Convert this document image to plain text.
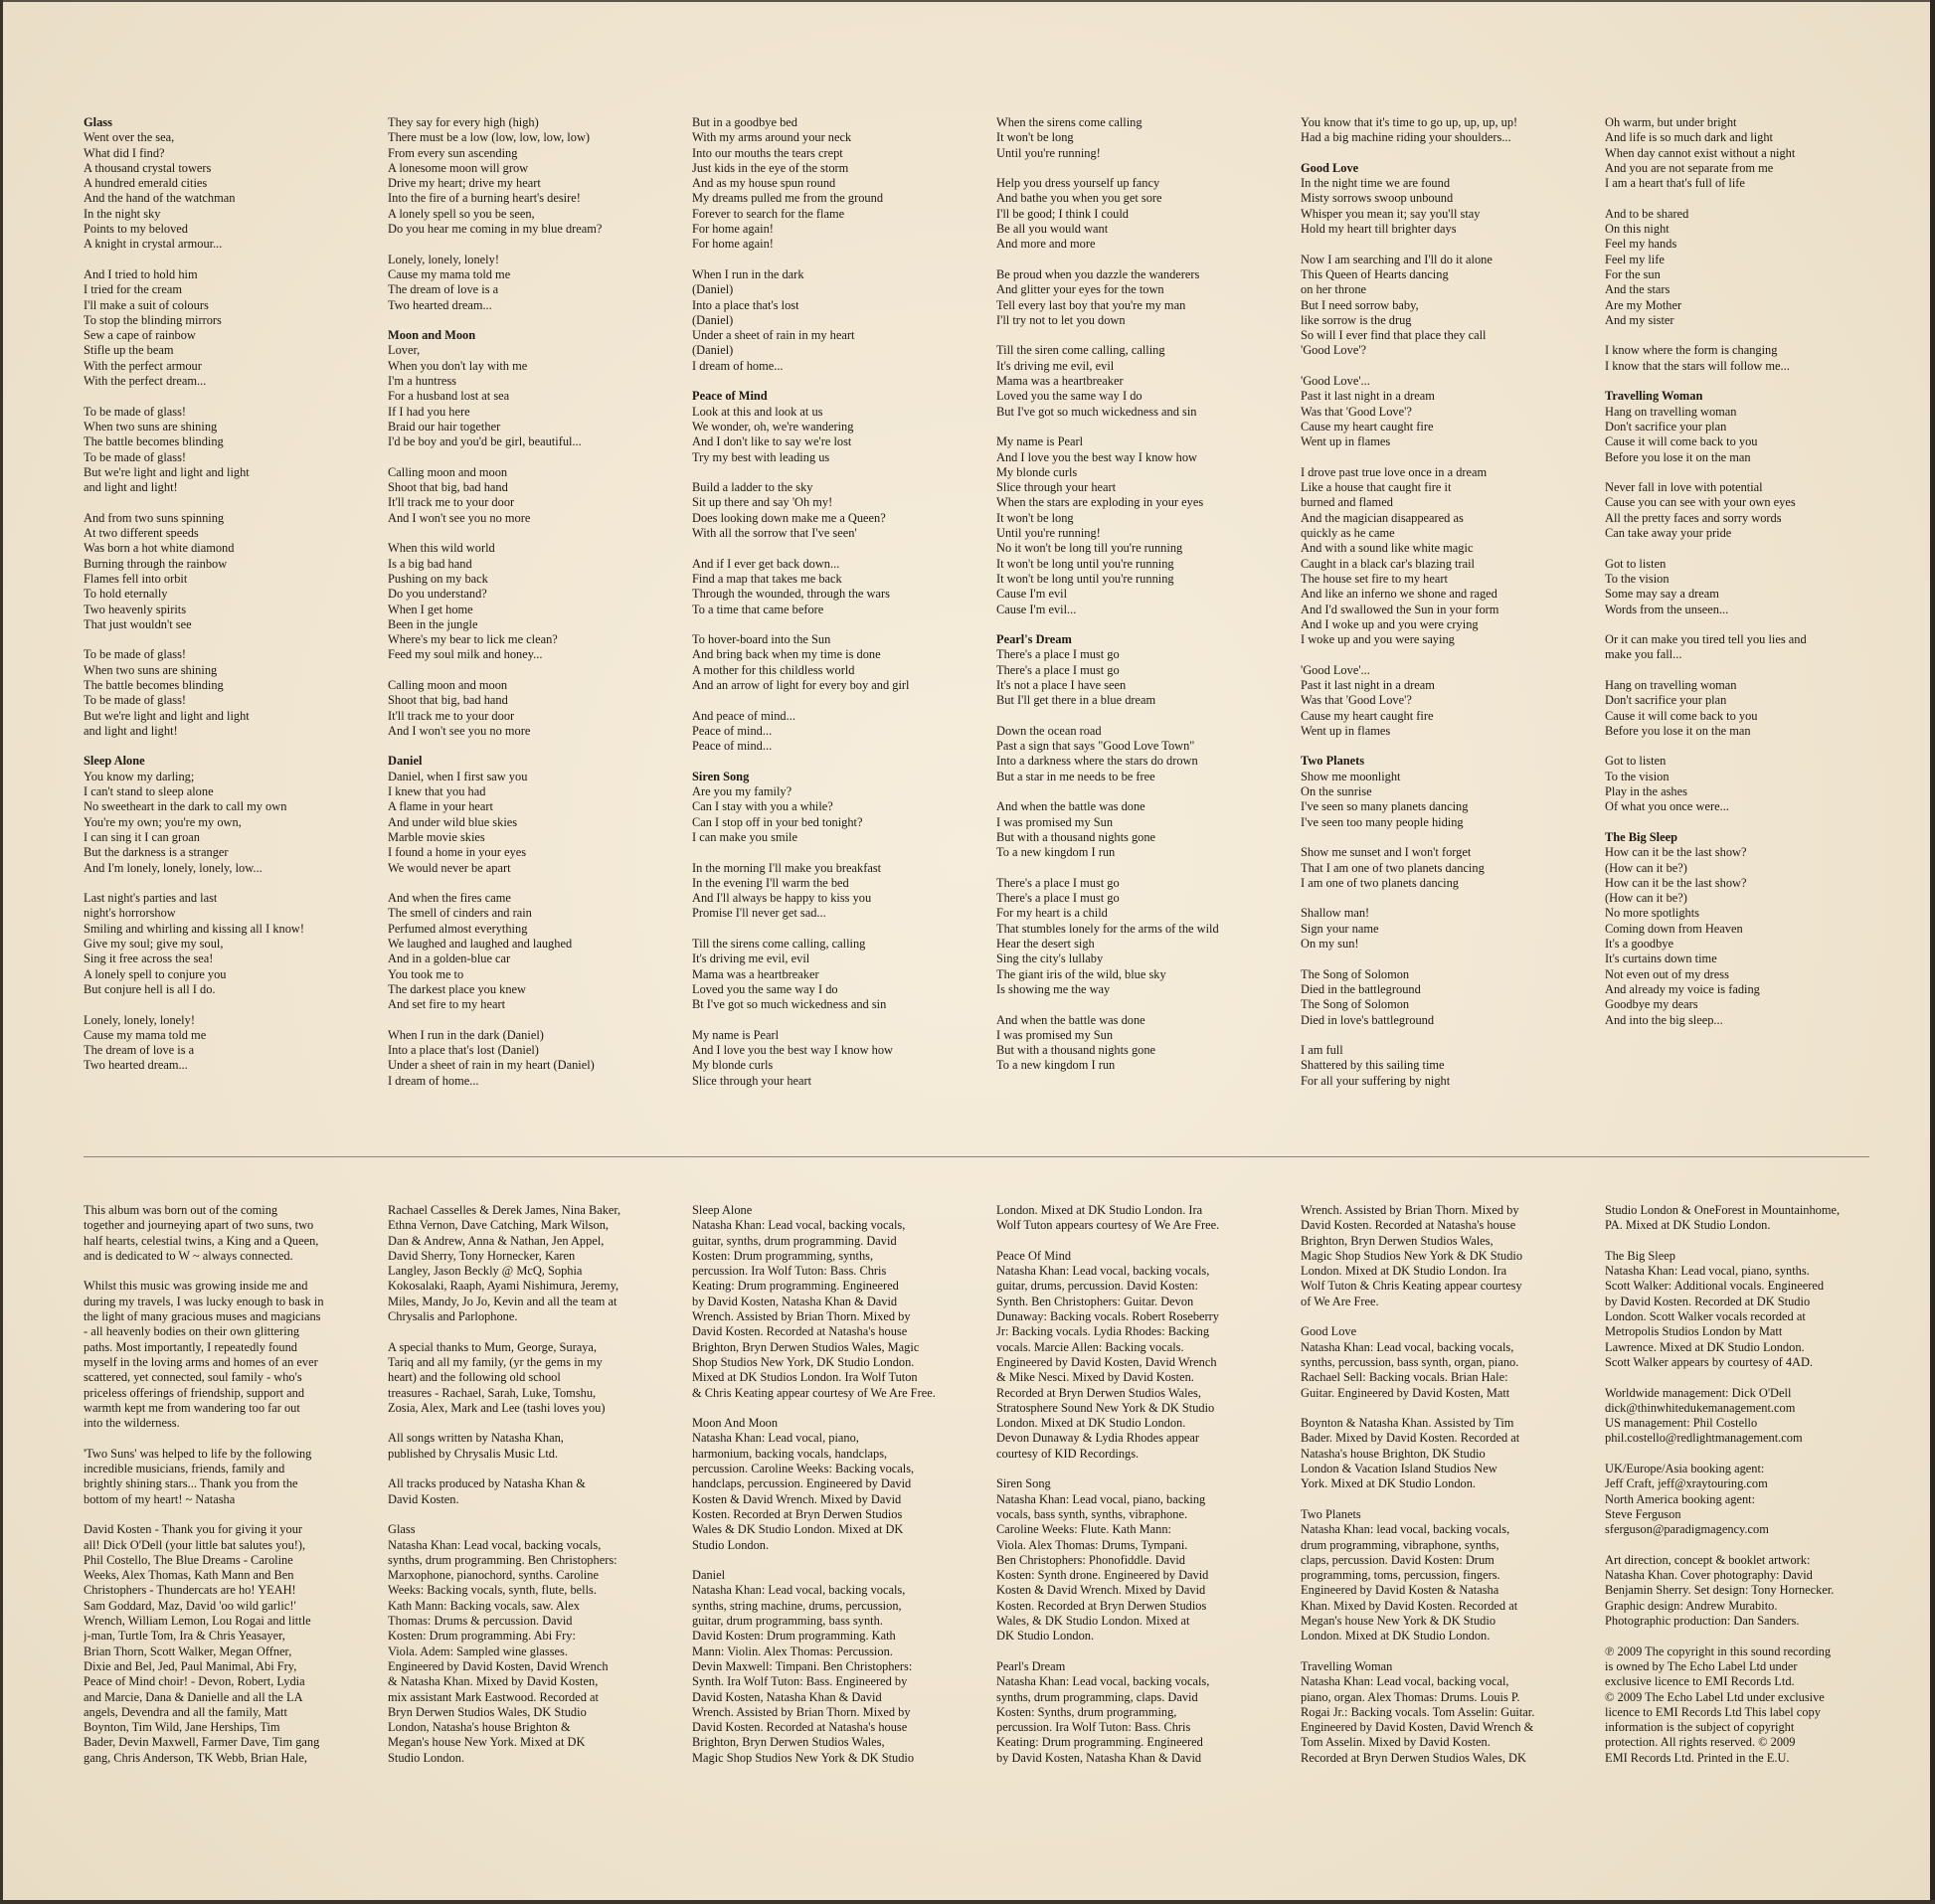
Glass
Went over the sea,
What did I find?
A thousand crystal towers
A hundred emerald cities
And the hand of the watchman
In the night sky
Points to my beloved
A knight in crystal armour...
And I tried to hold him
I tried for the cream
I'll make a suit of colours
To stop the blinding mirrors
Sew a cape of rainbow
Stifle up the beam
With the perfect armour
With the perfect dream...
To be made of glass!
When two suns are shining
The battle becomes blinding
To be made of glass!
But we're light and light and light
and light and light!
And from two suns spinning
At two different speeds
Was born a hot white diamond
Burning through the rainbow
Flames fell into orbit
To hold eternally
Two heavenly spirits
That just wouldn't see
To be made of glass!
When two suns are shining
The battle becomes blinding
To be made of glass!
But we're light and light and light
and light and light!
Sleep Alone
You know my darling;
I can't stand to sleep alone
No sweetheart in the dark to call my own
You're my own; you're my own,
I can sing it I can groan
But the darkness is a stranger
And I'm lonely, lonely, lonely, low...
Last night's parties and last
night's horrorshow
Smiling and whirling and kissing all I know!
Give my soul; give my soul,
Sing it free across the sea!
A lonely spell to conjure you
But conjure hell is all I do.
Lonely, lonely, lonely!
Cause my mama told me
The dream of love is a
Two hearted dream...
They say for every high (high)
There must be a low (low, low, low, low)
From every sun ascending
A lonesome moon will grow
Drive my heart; drive my heart
Into the fire of a burning heart's desire!
A lonely spell so you be seen,
Do you hear me coming in my blue dream?
Lonely, lonely, lonely!
Cause my mama told me
The dream of love is a
Two hearted dream...
Moon and Moon
Lover,
When you don't lay with me
I'm a huntress
For a husband lost at sea
If I had you here
Braid our hair together
I'd be boy and you'd be girl, beautiful...
Calling moon and moon
Shoot that big, bad hand
It'll track me to your door
And I won't see you no more
When this wild world
Is a big bad hand
Pushing on my back
Do you understand?
When I get home
Been in the jungle
Where's my bear to lick me clean?
Feed my soul milk and honey...
Calling moon and moon
Shoot that big, bad hand
It'll track me to your door
And I won't see you no more
Daniel
Daniel, when I first saw you
I knew that you had
A flame in your heart
And under wild blue skies
Marble movie skies
I found a home in your eyes
We would never be apart
And when the fires came
The smell of cinders and rain
Perfumed almost everything
We laughed and laughed and laughed
And in a golden-blue car
You took me to
The darkest place you knew
And set fire to my heart
When I run in the dark (Daniel)
Into a place that's lost (Daniel)
Under a sheet of rain in my heart (Daniel)
I dream of home...
But in a goodbye bed
With my arms around your neck
Into our mouths the tears crept
Just kids in the eye of the storm
And as my house spun round
My dreams pulled me from the ground
Forever to search for the flame
For home again!
For home again!
When I run in the dark
(Daniel)
Into a place that's lost
(Daniel)
Under a sheet of rain in my heart
(Daniel)
I dream of home...
Peace of Mind
Look at this and look at us
We wonder, oh, we're wandering
And I don't like to say we're lost
Try my best with leading us
Build a ladder to the sky
Sit up there and say 'Oh my!
Does looking down make me a Queen?
With all the sorrow that I've seen'
And if I ever get back down...
Find a map that takes me back
Through the wounded, through the wars
To a time that came before
To hover-board into the Sun
And bring back when my time is done
A mother for this childless world
And an arrow of light for every boy and girl
And peace of mind...
Peace of mind...
Peace of mind...
Siren Song
Are you my family?
Can I stay with you a while?
Can I stop off in your bed tonight?
I can make you smile
In the morning I'll make you breakfast
In the evening I'll warm the bed
And I'll always be happy to kiss you
Promise I'll never get sad...
Till the sirens come calling, calling
It's driving me evil, evil
Mama was a heartbreaker
Loved you the same way I do
Bt I've got so much wickedness and sin
My name is Pearl
And I love you the best way I know how
My blonde curls
Slice through your heart
When the sirens come calling
It won't be long
Until you're running!
Help you dress yourself up fancy
And bathe you when you get sore
I'll be good; I think I could
Be all you would want
And more and more
Be proud when you dazzle the wanderers
And glitter your eyes for the town
Tell every last boy that you're my man
I'll try not to let you down
Till the siren come calling, calling
It's driving me evil, evil
Mama was a heartbreaker
Loved you the same way I do
But I've got so much wickedness and sin
My name is Pearl
And I love you the best way I know how
My blonde curls
Slice through your heart
When the stars are exploding in your eyes
It won't be long
Until you're running!
No it won't be long till you're running
It won't be long until you're running
It won't be long until you're running
Cause I'm evil
Cause I'm evil...
Pearl's Dream
There's a place I must go
There's a place I must go
It's not a place I have seen
But I'll get there in a blue dream
Down the ocean road
Past a sign that says "Good Love Town"
Into a darkness where the stars do drown
But a star in me needs to be free
And when the battle was done
I was promised my Sun
But with a thousand nights gone
To a new kingdom I run
There's a place I must go
There's a place I must go
For my heart is a child
That stumbles lonely for the arms of the wild
Hear the desert sigh
Sing the city's lullaby
The giant iris of the wild, blue sky
Is showing me the way
And when the battle was done
I was promised my Sun
But with a thousand nights gone
To a new kingdom I run
You know that it's time to go up, up, up, up!
Had a big machine riding your shoulders...
Good Love
In the night time we are found
Misty sorrows swoop unbound
Whisper you mean it; say you'll stay
Hold my heart till brighter days
Now I am searching and I'll do it alone
This Queen of Hearts dancing
on her throne
But I need sorrow baby,
like sorrow is the drug
So will I ever find that place they call
'Good Love'?
'Good Love'...
Past it last night in a dream
Was that 'Good Love'?
Cause my heart caught fire
Went up in flames
I drove past true love once in a dream
Like a house that caught fire it
burned and flamed
And the magician disappeared as
quickly as he came
And with a sound like white magic
Caught in a black car's blazing trail
The house set fire to my heart
And like an inferno we shone and raged
And I'd swallowed the Sun in your form
And I woke up and you were crying
I woke up and you were saying
'Good Love'...
Past it last night in a dream
Was that 'Good Love'?
Cause my heart caught fire
Went up in flames
Two Planets
Show me moonlight
On the sunrise
I've seen so many planets dancing
I've seen too many people hiding
Show me sunset and I won't forget
That I am one of two planets dancing
I am one of two planets dancing
Shallow man!
Sign your name
On my sun!
The Song of Solomon
Died in the battleground
The Song of Solomon
Died in love's battleground
I am full
Shattered by this sailing time
For all your suffering by night
Oh warm, but under bright
And life is so much dark and light
When day cannot exist without a night
And you are not separate from me
I am a heart that's full of life
And to be shared
On this night
Feel my hands
Feel my life
For the sun
And the stars
Are my Mother
And my sister
I know where the form is changing
I know that the stars will follow me...
Travelling Woman
Hang on travelling woman
Don't sacrifice your plan
Cause it will come back to you
Before you lose it on the man
Never fall in love with potential
Cause you can see with your own eyes
All the pretty faces and sorry words
Can take away your pride
Got to listen
To the vision
Some may say a dream
Words from the unseen...
Or it can make you tired tell you lies and
make you fall...
Hang on travelling woman
Don't sacrifice your plan
Cause it will come back to you
Before you lose it on the man
Got to listen
To the vision
Play in the ashes
Of what you once were...
The Big Sleep
How can it be the last show?
(How can it be?)
How can it be the last show?
(How can it be?)
No more spotlights
Coming down from Heaven
It's a goodbye
It's curtains down time
Not even out of my dress
And already my voice is fading
Goodbye my dears
And into the big sleep...
This album was born out of the coming
together and journeying apart of two suns, two
half hearts, celestial twins, a King and a Queen,
and is dedicated to W ~ always connected.
Whilst this music was growing inside me and
during my travels, I was lucky enough to bask in
the light of many gracious muses and magicians
- all heavenly bodies on their own glittering
paths. Most importantly, I repeatedly found
myself in the loving arms and homes of an ever
scattered, yet connected, soul family - who's
priceless offerings of friendship, support and
warmth kept me from wandering too far out
into the wilderness.
'Two Suns' was helped to life by the following
incredible musicians, friends, family and
brightly shining stars... Thank you from the
bottom of my heart! ~ Natasha
David Kosten - Thank you for giving it your
all! Dick O'Dell (your little bat salutes you!),
Phil Costello, The Blue Dreams - Caroline
Weeks, Alex Thomas, Kath Mann and Ben
Christophers - Thundercats are ho! YEAH!
Sam Goddard, Maz, David 'oo wild garlic!'
Wrench, William Lemon, Lou Rogai and little
j-man, Turtle Tom, Ira & Chris Yeasayer,
Brian Thorn, Scott Walker, Megan Offner,
Dixie and Bel, Jed, Paul Manimal, Abi Fry,
Peace of Mind choir! - Devon, Robert, Lydia
and Marcie, Dana & Danielle and all the LA
angels, Devendra and all the family, Matt
Boynton, Tim Wild, Jane Herships, Tim
Bader, Devin Maxwell, Farmer Dave, Tim gang
gang, Chris Anderson, TK Webb, Brian Hale,
Rachael Casselles & Derek James, Nina Baker,
Ethna Vernon, Dave Catching, Mark Wilson,
Dan & Andrew, Anna & Nathan, Jen Appel,
David Sherry, Tony Hornecker, Karen
Langley, Jason Beckly @ McQ, Sophia
Kokosalaki, Raaph, Ayami Nishimura, Jeremy,
Miles, Mandy, Jo Jo, Kevin and all the team at
Chrysalis and Parlophone.
A special thanks to Mum, George, Suraya,
Tariq and all my family, (yr the gems in my
heart) and the following old school
treasures - Rachael, Sarah, Luke, Tomshu,
Zosia, Alex, Mark and Lee (tashi loves you)
All songs written by Natasha Khan,
published by Chrysalis Music Ltd.
All tracks produced by Natasha Khan &
David Kosten.
Glass
Natasha Khan: Lead vocal, backing vocals,
synths, drum programming. Ben Christophers:
Marxophone, pianochord, synths. Caroline
Weeks: Backing vocals, synth, flute, bells.
Kath Mann: Backing vocals, saw. Alex
Thomas: Drums & percussion. David
Kosten: Drum programming. Abi Fry:
Viola. Adem: Sampled wine glasses.
Engineered by David Kosten, David Wrench
& Natasha Khan. Mixed by David Kosten,
mix assistant Mark Eastwood. Recorded at
Bryn Derwen Studios Wales, DK Studio
London, Natasha's house Brighton &
Megan's house New York. Mixed at DK
Studio London.
Sleep Alone
Natasha Khan: Lead vocal, backing vocals,
guitar, synths, drum programming. David
Kosten: Drum programming, synths,
percussion. Ira Wolf Tuton: Bass. Chris
Keating: Drum programming. Engineered
by David Kosten, Natasha Khan & David
Wrench. Assisted by Brian Thorn. Mixed by
David Kosten. Recorded at Natasha's house
Brighton, Bryn Derwen Studios Wales, Magic
Shop Studios New York, DK Studio London.
Mixed at DK Studios London. Ira Wolf Tuton
& Chris Keating appear courtesy of We Are Free.
Moon And Moon
Natasha Khan: Lead vocal, piano,
harmonium, backing vocals, handclaps,
percussion. Caroline Weeks: Backing vocals,
handclaps, percussion. Engineered by David
Kosten & David Wrench. Mixed by David
Kosten. Recorded at Bryn Derwen Studios
Wales & DK Studio London. Mixed at DK
Studio London.
Daniel
Natasha Khan: Lead vocal, backing vocals,
synths, string machine, drums, percussion,
guitar, drum programming, bass synth.
David Kosten: Drum programming. Kath
Mann: Violin. Alex Thomas: Percussion.
Devin Maxwell: Timpani. Ben Christophers:
Synth. Ira Wolf Tuton: Bass. Engineered by
David Kosten, Natasha Khan & David
Wrench. Assisted by Brian Thorn. Mixed by
David Kosten. Recorded at Natasha's house
Brighton, Bryn Derwen Studios Wales,
Magic Shop Studios New York & DK Studio
London. Mixed at DK Studio London. Ira
Wolf Tuton appears courtesy of We Are Free.
Peace Of Mind
Natasha Khan: Lead vocal, backing vocals,
guitar, drums, percussion. David Kosten:
Synth. Ben Christophers: Guitar. Devon
Dunaway: Backing vocals. Robert Roseberry
Jr: Backing vocals. Lydia Rhodes: Backing
vocals. Marcie Allen: Backing vocals.
Engineered by David Kosten, David Wrench
& Mike Nesci. Mixed by David Kosten.
Recorded at Bryn Derwen Studios Wales,
Stratosphere Sound New York & DK Studio
London. Mixed at DK Studio London.
Devon Dunaway & Lydia Rhodes appear
courtesy of KID Recordings.
Siren Song
Natasha Khan: Lead vocal, piano, backing
vocals, bass synth, synths, vibraphone.
Caroline Weeks: Flute. Kath Mann:
Viola. Alex Thomas: Drums, Tympani.
Ben Christophers: Phonofiddle. David
Kosten: Synth drone. Engineered by David
Kosten & David Wrench. Mixed by David
Kosten. Recorded at Bryn Derwen Studios
Wales, & DK Studio London. Mixed at
DK Studio London.
Pearl's Dream
Natasha Khan: Lead vocal, backing vocals,
synths, drum programming, claps. David
Kosten: Synths, drum programming,
percussion. Ira Wolf Tuton: Bass. Chris
Keating: Drum programming. Engineered
by David Kosten, Natasha Khan & David
Wrench. Assisted by Brian Thorn. Mixed by
David Kosten. Recorded at Natasha's house
Brighton, Bryn Derwen Studios Wales,
Magic Shop Studios New York & DK Studio
London. Mixed at DK Studio London. Ira
Wolf Tuton & Chris Keating appear courtesy
of We Are Free.
Good Love
Natasha Khan: Lead vocal, backing vocals,
synths, percussion, bass synth, organ, piano.
Rachael Sell: Backing vocals. Brian Hale:
Guitar. Engineered by David Kosten, Matt
Boynton & Natasha Khan. Assisted by Tim
Bader. Mixed by David Kosten. Recorded at
Natasha's house Brighton, DK Studio
London & Vacation Island Studios New
York. Mixed at DK Studio London.
Two Planets
Natasha Khan: lead vocal, backing vocals,
drum programming, vibraphone, synths,
claps, percussion. David Kosten: Drum
programming, toms, percussion, fingers.
Engineered by David Kosten & Natasha
Khan. Mixed by David Kosten. Recorded at
Megan's house New York & DK Studio
London. Mixed at DK Studio London.
Travelling Woman
Natasha Khan: Lead vocal, backing vocal,
piano, organ. Alex Thomas: Drums. Louis P.
Rogai Jr.: Backing vocals. Tom Asselin: Guitar.
Engineered by David Kosten, David Wrench &
Tom Asselin. Mixed by David Kosten.
Recorded at Bryn Derwen Studios Wales, DK
Studio London & OneForest in Mountainhome,
PA. Mixed at DK Studio London.
The Big Sleep
Natasha Khan: Lead vocal, piano, synths.
Scott Walker: Additional vocals. Engineered
by David Kosten. Recorded at DK Studio
London. Scott Walker vocals recorded at
Metropolis Studios London by Matt
Lawrence. Mixed at DK Studio London.
Scott Walker appears by courtesy of 4AD.
Worldwide management: Dick O'Dell
dick@thinwhitedukemanagement.com
US management: Phil Costello
phil.costello@redlightmanagement.com
UK/Europe/Asia booking agent:
Jeff Craft, jeff@xraytouring.com
North America booking agent:
Steve Ferguson
sferguson@paradigmagency.com
Art direction, concept & booklet artwork:
Natasha Khan. Cover photography: David
Benjamin Sherry. Set design: Tony Hornecker.
Graphic design: Andrew Murabito.
Photographic production: Dan Sanders.
℗ 2009 The copyright in this sound recording
is owned by The Echo Label Ltd under
exclusive licence to EMI Records Ltd.
© 2009 The Echo Label Ltd under exclusive
licence to EMI Records Ltd This label copy
information is the subject of copyright
protection. All rights reserved. © 2009
EMI Records Ltd. Printed in the E.U.
